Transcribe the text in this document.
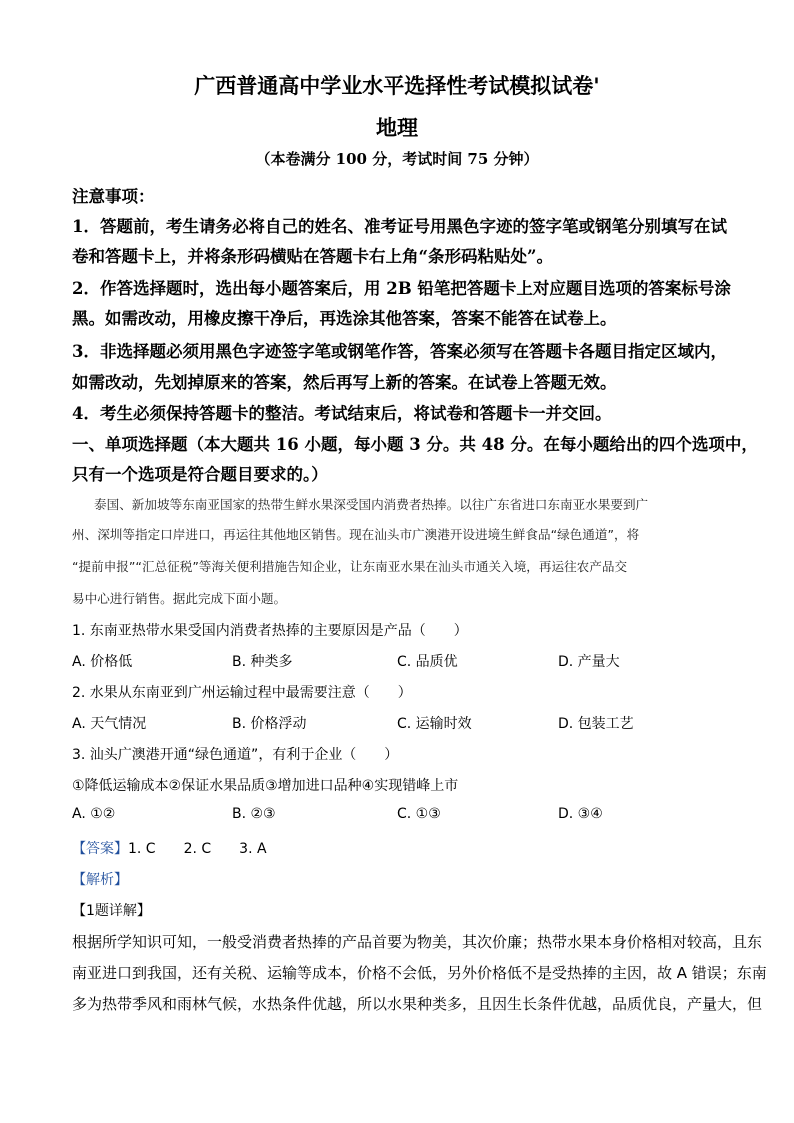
广西普通高中学业水平选择性考试模拟试卷'
地理
（本卷满分 100 分，考试时间 75 分钟）
注意事项：
1．答题前，考生请务必将自己的姓名、准考证号用黑色字迹的签字笔或钢笔分别填写在试
卷和答题卡上，并将条形码横贴在答题卡右上角“条形码粘贴处”。
2．作答选择题时，选出每小题答案后，用 2B 铅笔把答题卡上对应题目选项的答案标号涂
黑。如需改动，用橡皮擦干净后，再选涂其他答案，答案不能答在试卷上。
3．非选择题必须用黑色字迹签字笔或钢笔作答，答案必须写在答题卡各题目指定区域内，
如需改动，先划掉原来的答案，然后再写上新的答案。在试卷上答题无效。
4．考生必须保持答题卡的整洁。考试结束后，将试卷和答题卡一并交回。
一、单项选择题（本大题共 16 小题，每小题 3 分。共 48 分。在每小题给出的四个选项中，
只有一个选项是符合题目要求的。）
泰国、新加坡等东南亚国家的热带生鲜水果深受国内消费者热捧。以往广东省进口东南亚水果要到广
州、深圳等指定口岸进口，再运往其他地区销售。现在汕头市广澳港开设进境生鲜食品“绿色通道”，将
“提前申报”“汇总征税”等海关便利措施告知企业，让东南亚水果在汕头市通关入境，再运往农产品交
易中心进行销售。据此完成下面小题。
1. 东南亚热带水果受国内消费者热捧的主要原因是产品（　　）
A. 价格低	B. 种类多	C. 品质优	D. 产量大
2. 水果从东南亚到广州运输过程中最需要注意（　　）
A. 天气情况	B. 价格浮动	C. 运输时效	D. 包装工艺
3. 汕头广澳港开通“绿色通道”，有利于企业（　　）
①降低运输成本②保证水果品质③增加进口品种④实现错峰上市
A. ①②	B. ②③	C. ①③	D. ③④
【答案】1. C　　2. C　　3. A
【解析】
【1题详解】
根据所学知识可知，一般受消费者热捧的产品首要为物美，其次价廉；热带水果本身价格相对较高，且东
南亚进口到我国，还有关税、运输等成本，价格不会低，另外价格低不是受热捧的主因，故 A 错误；东南
多为热带季风和雨林气候，水热条件优越，所以水果种类多，且因生长条件优越，品质优良，产量大，但
